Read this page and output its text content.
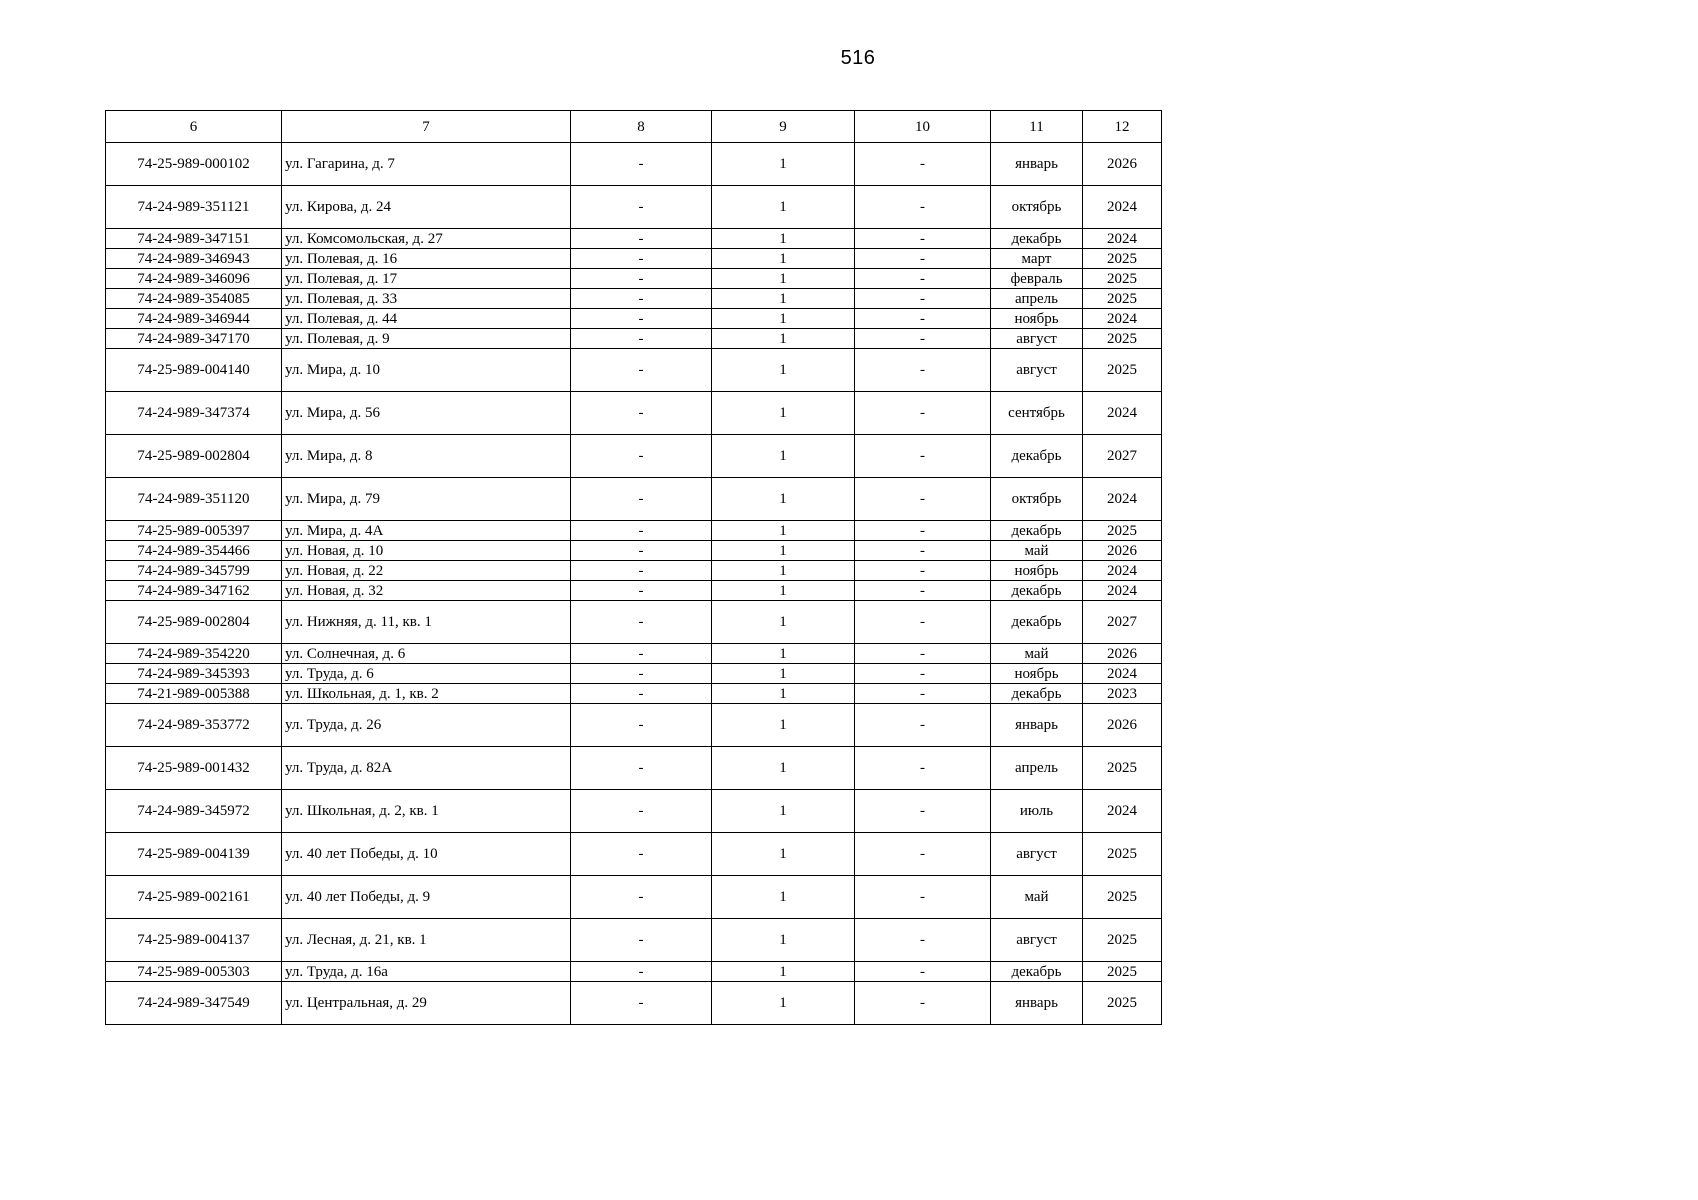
516
6	7	8	9	10	11	12
74-25-989-000102	ул. Гагарина, д. 7	-	1	-	январь	2026
74-24-989-351121	ул. Кирова, д. 24	-	1	-	октябрь	2024
74-24-989-347151	ул. Комсомольская, д. 27	-	1	-	декабрь	2024
74-24-989-346943	ул. Полевая, д. 16	-	1	-	март	2025
74-24-989-346096	ул. Полевая, д. 17	-	1	-	февраль	2025
74-24-989-354085	ул. Полевая, д. 33	-	1	-	апрель	2025
74-24-989-346944	ул. Полевая, д. 44	-	1	-	ноябрь	2024
74-24-989-347170	ул. Полевая, д. 9	-	1	-	август	2025
74-25-989-004140	ул. Мира, д. 10	-	1	-	август	2025
74-24-989-347374	ул. Мира, д. 56	-	1	-	сентябрь	2024
74-25-989-002804	ул. Мира, д. 8	-	1	-	декабрь	2027
74-24-989-351120	ул. Мира, д. 79	-	1	-	октябрь	2024
74-25-989-005397	ул. Мира, д. 4А	-	1	-	декабрь	2025
74-24-989-354466	ул. Новая, д. 10	-	1	-	май	2026
74-24-989-345799	ул. Новая, д. 22	-	1	-	ноябрь	2024
74-24-989-347162	ул. Новая, д. 32	-	1	-	декабрь	2024
74-25-989-002804	ул. Нижняя, д. 11, кв. 1	-	1	-	декабрь	2027
74-24-989-354220	ул. Солнечная, д. 6	-	1	-	май	2026
74-24-989-345393	ул. Труда, д. 6	-	1	-	ноябрь	2024
74-21-989-005388	ул. Школьная, д. 1, кв. 2	-	1	-	декабрь	2023
74-24-989-353772	ул. Труда, д. 26	-	1	-	январь	2026
74-25-989-001432	ул. Труда, д. 82А	-	1	-	апрель	2025
74-24-989-345972	ул. Школьная, д. 2, кв. 1	-	1	-	июль	2024
74-25-989-004139	ул. 40 лет Победы, д. 10	-	1	-	август	2025
74-25-989-002161	ул. 40 лет Победы, д. 9	-	1	-	май	2025
74-25-989-004137	ул. Лесная, д. 21, кв. 1	-	1	-	август	2025
74-25-989-005303	ул. Труда, д. 16а	-	1	-	декабрь	2025
74-24-989-347549	ул. Центральная, д. 29	-	1	-	январь	2025
